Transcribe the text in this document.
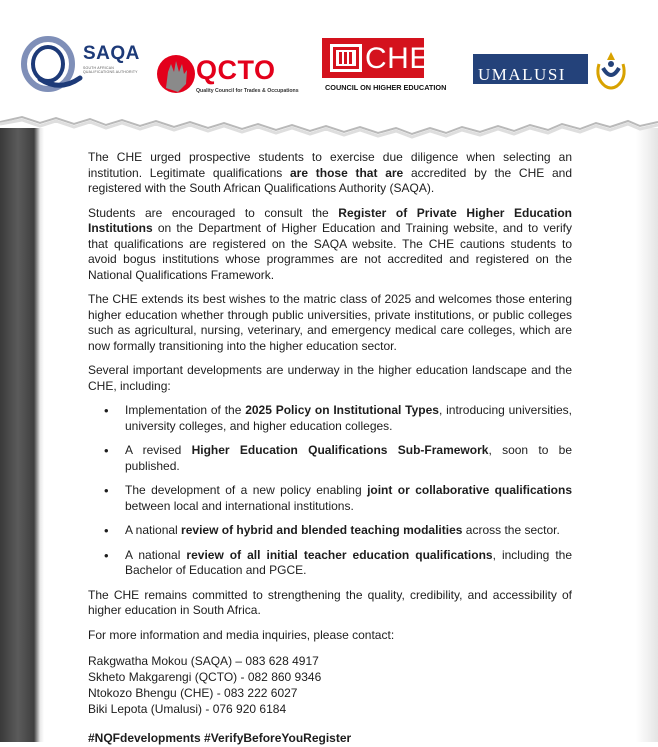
SAQA
SOUTH AFRICAN QUALIFICATIONS AUTHORITY QCTO
Quality Council for Trades & Occupations
CHE
COUNCIL ON HIGHER EDUCATION
UMALUSI

The CHE urged prospective students to exercise due diligence when selecting an institution. Legitimate qualifications are those that are accredited by the CHE and registered with the South African Qualifications Authority (SAQA).

Students are encouraged to consult the Register of Private Higher Education Institutions on the Department of Higher Education and Training website, and to verify that qualifications are registered on the SAQA website. The CHE cautions students to avoid bogus institutions whose programmes are not accredited and registered on the National Qualifications Framework.

The CHE extends its best wishes to the matric class of 2025 and welcomes those entering higher education whether through public universities, private institutions, or public colleges such as agricultural, nursing, veterinary, and emergency medical care colleges, which are now formally transitioning into the higher education sector.

Several important developments are underway in the higher education landscape and the CHE, including:

• Implementation of the 2025 Policy on Institutional Types, introducing universities, university colleges, and higher education colleges.
• A revised Higher Education Qualifications Sub-Framework, soon to be published.
• The development of a new policy enabling joint or collaborative qualifications between local and international institutions.
• A national review of hybrid and blended teaching modalities across the sector.
• A national review of all initial teacher education qualifications, including the Bachelor of Education and PGCE.

The CHE remains committed to strengthening the quality, credibility, and accessibility of higher education in South Africa.

For more information and media inquiries, please contact:

Rakgwatha Mokou (SAQA) – 083 628 4917
Skheto Makgarengi (QCTO) - 082 860 9346
Ntokozo Bhengu (CHE) - 083 222 6027
Biki Lepota (Umalusi) - 076 920 6184
#NQFdevelopments #VerifyBeforeYouRegister
